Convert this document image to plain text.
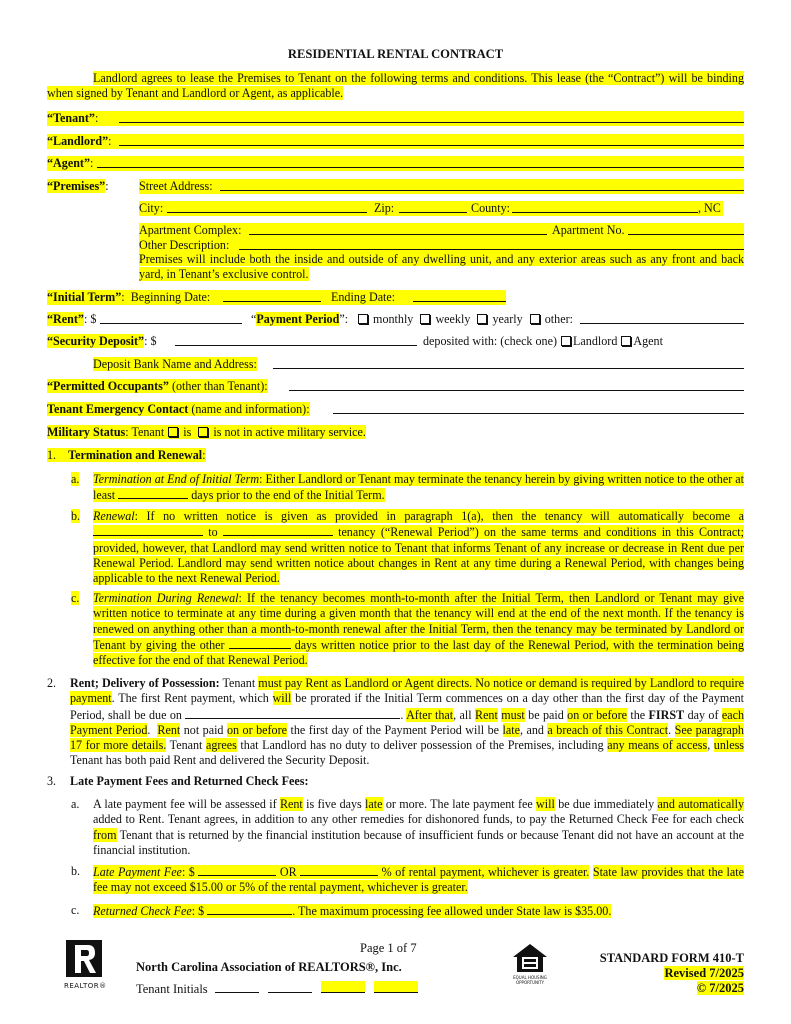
RESIDENTIAL RENTAL CONTRACT
Landlord agrees to lease the Premises to Tenant on the following terms and conditions. This lease (the “Contract”) will be binding when signed by Tenant and Landlord or Agent, as applicable.
“Tenant”:
“Landlord”:
“Agent”:
“Premises”:	Street Address:
City:	Zip:	County:	, NC
Apartment Complex:	Apartment No.
Other Description:
Premises will include both the inside and outside of any dwelling unit, and any exterior areas such as any front and back yard, in Tenant’s exclusive control.
“Initial Term”:  Beginning Date:	Ending Date:
“Rent”: $	“Payment Period”:	monthly weekly yearly other:
“Security Deposit”: $	deposited with: (check one) Landlord Agent
Deposit Bank Name and Address:
“Permitted Occupants” (other than Tenant):
Tenant Emergency Contact (name and information):
Military Status: Tenant is is not in active military service.
1. Termination and Renewal:
a. Termination at End of Initial Term: Either Landlord or Tenant may terminate the tenancy herein by giving written notice to the other at least	days prior to the end of the Initial Term.
b. Renewal: If no written notice is given as provided in paragraph 1(a), then the tenancy will automatically become a  to	tenancy (“Renewal Period”) on the same terms and conditions in this Contract; provided, however, that Landlord may send written notice to Tenant that informs Tenant of any increase or decrease in Rent due per Renewal Period. Landlord may send written notice about changes in Rent at any time during a Renewal Period, with changes being applicable to the next Renewal Period.
c. Termination During Renewal: If the tenancy becomes month-to-month after the Initial Term, then Landlord or Tenant may give written notice to terminate at any time during a given month that the tenancy will end at the end of the next month. If the tenancy is renewed on anything other than a month-to-month renewal after the Initial Term, then the tenancy may be terminated by Landlord or Tenant by giving the other	days written notice prior to the last day of the Renewal Period, with the termination being effective for the end of that Renewal Period.
2. Rent; Delivery of Possession: Tenant must pay Rent as Landlord or Agent directs. No notice or demand is required by Landlord to require payment. The first Rent payment, which will be prorated if the Initial Term commences on a day other than the first day of the Payment Period, shall be due on	. After that, all Rent must be paid on or before the FIRST day of each Payment Period. Rent not paid on or before the first day of the Payment Period will be late, and a breach of this Contract. See paragraph 17 for more details. Tenant agrees that Landlord has no duty to deliver possession of the Premises, including any means of access, unless Tenant has both paid Rent and delivered the Security Deposit.
3. Late Payment Fees and Returned Check Fees:
a. A late payment fee will be assessed if Rent is five days late or more. The late payment fee will be due immediately and automatically added to Rent. Tenant agrees, in addition to any other remedies for dishonored funds, to pay the Returned Check Fee for each check from Tenant that is returned by the financial institution because of insufficient funds or because Tenant did not have an account at the financial institution.
b. Late Payment Fee: $	OR	% of rental payment, whichever is greater. State law provides that the late fee may not exceed $15.00 or 5% of the rental payment, whichever is greater.
c. Returned Check Fee: $	. The maximum processing fee allowed under State law is $35.00.
REALTOR®
Page 1 of 7
North Carolina Association of REALTORS®, Inc.
Tenant Initials
EQUAL HOUSING
OPPORTUNITY
STANDARD FORM 410-T
Revised 7/2025
© 7/2025
